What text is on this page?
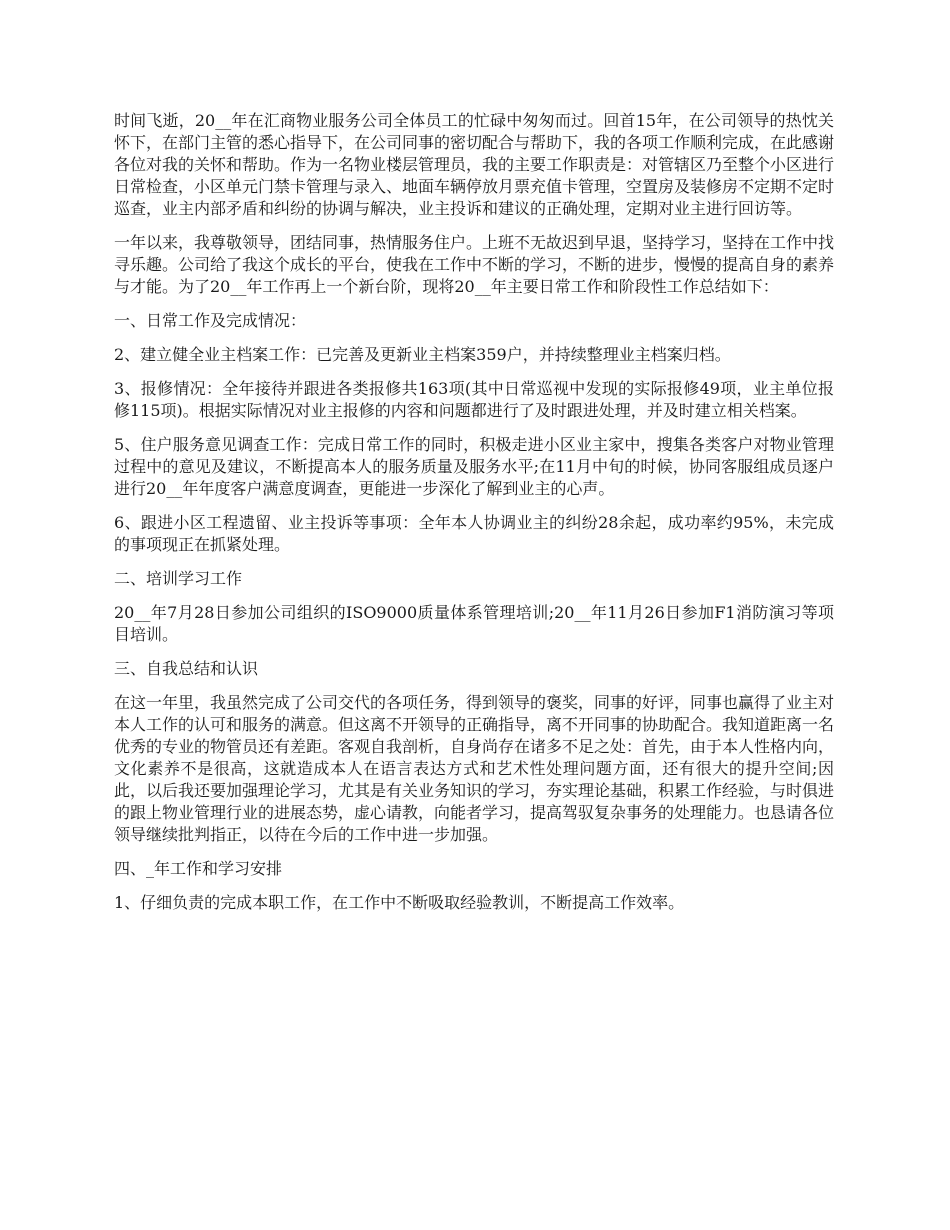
时间飞逝，20__年在汇商物业服务公司全体员工的忙碌中匆匆而过。回首15年，在公司领导的热忱关怀下，在部门主管的悉心指导下，在公司同事的密切配合与帮助下，我的各项工作顺利完成，在此感谢各位对我的关怀和帮助。作为一名物业楼层管理员，我的主要工作职责是：对管辖区乃至整个小区进行日常检查，小区单元门禁卡管理与录入、地面车辆停放月票充值卡管理，空置房及装修房不定期不定时巡查，业主内部矛盾和纠纷的协调与解决，业主投诉和建议的正确处理，定期对业主进行回访等。

一年以来，我尊敬领导，团结同事，热情服务住户。上班不无故迟到早退，坚持学习，坚持在工作中找寻乐趣。公司给了我这个成长的平台，使我在工作中不断的学习，不断的进步，慢慢的提高自身的素养与才能。为了20__年工作再上一个新台阶，现将20__年主要日常工作和阶段性工作总结如下：

一、日常工作及完成情况：

2、建立健全业主档案工作：已完善及更新业主档案359户，并持续整理业主档案归档。

3、报修情况：全年接待并跟进各类报修共163项(其中日常巡视中发现的实际报修49项，业主单位报修115项)。根据实际情况对业主报修的内容和问题都进行了及时跟进处理，并及时建立相关档案。

5、住户服务意见调查工作：完成日常工作的同时，积极走进小区业主家中，搜集各类客户对物业管理过程中的意见及建议，不断提高本人的服务质量及服务水平;在11月中旬的时候，协同客服组成员逐户进行20__年年度客户满意度调查，更能进一步深化了解到业主的心声。

6、跟进小区工程遗留、业主投诉等事项：全年本人协调业主的纠纷28余起，成功率约95%，未完成的事项现正在抓紧处理。

二、培训学习工作

20__年7月28日参加公司组织的ISO9000质量体系管理培训;20__年11月26日参加F1消防演习等项目培训。

三、自我总结和认识

在这一年里，我虽然完成了公司交代的各项任务，得到领导的褒奖，同事的好评，同事也赢得了业主对本人工作的认可和服务的满意。但这离不开领导的正确指导，离不开同事的协助配合。我知道距离一名优秀的专业的物管员还有差距。客观自我剖析，自身尚存在诸多不足之处：首先，由于本人性格内向，文化素养不是很高，这就造成本人在语言表达方式和艺术性处理问题方面，还有很大的提升空间;因此，以后我还要加强理论学习，尤其是有关业务知识的学习，夯实理论基础，积累工作经验，与时俱进的跟上物业管理行业的进展态势，虚心请教，向能者学习，提高驾驭复杂事务的处理能力。也恳请各位领导继续批判指正，以待在今后的工作中进一步加强。

四、_年工作和学习安排

1、仔细负责的完成本职工作，在工作中不断吸取经验教训，不断提高工作效率。
